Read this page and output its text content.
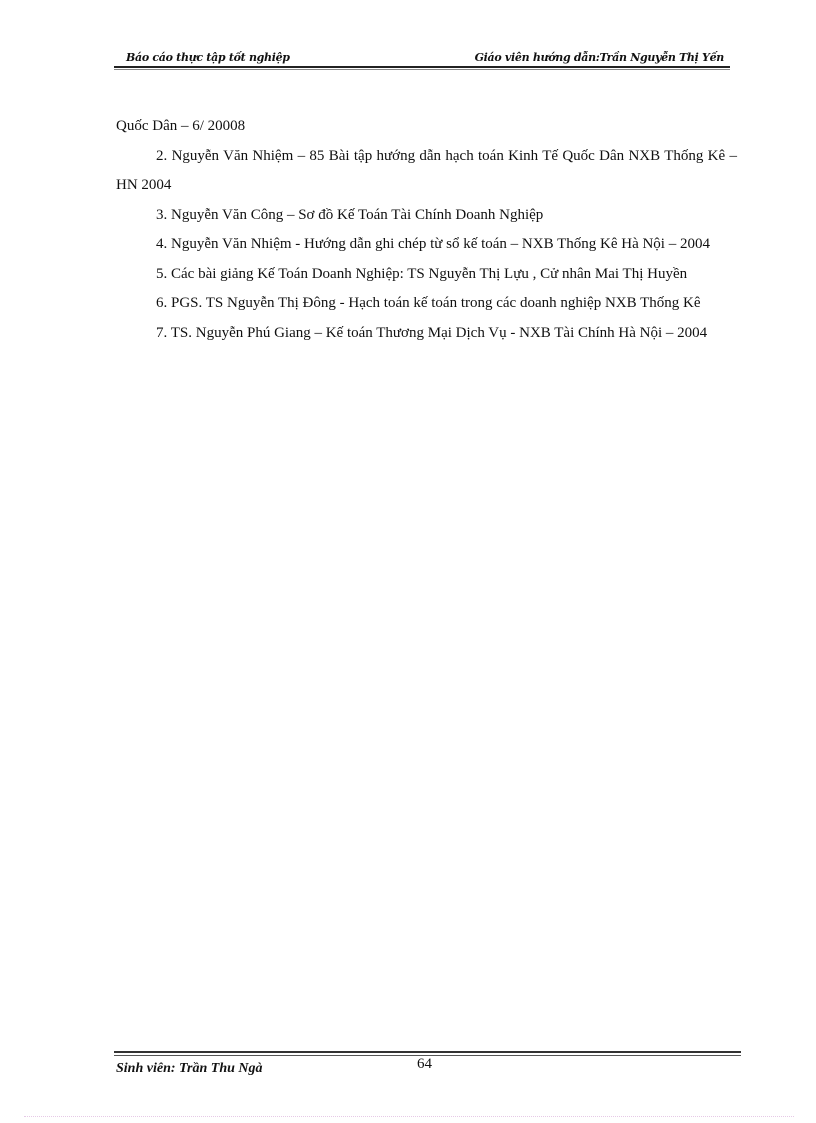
Báo cáo thực tập tốt nghiệp	Giáo viên hướng dẫn:Trần Nguyễn Thị Yến

Quốc Dân – 6/ 20008

2. Nguyễn Văn Nhiệm – 85 Bài tập hướng dẫn hạch toán Kinh Tế Quốc Dân NXB Thống Kê – HN 2004

3. Nguyễn Văn Công – Sơ đồ Kế Toán Tài Chính Doanh Nghiệp

4. Nguyễn Văn Nhiệm - Hướng dẫn ghi chép từ sổ kế toán – NXB Thống Kê Hà Nội – 2004

5. Các bài giảng Kế Toán Doanh Nghiệp: TS Nguyễn Thị Lựu , Cử nhân Mai Thị Huyền

6. PGS. TS Nguyễn Thị Đông - Hạch toán kế toán trong các doanh nghiệp NXB Thống Kê

7. TS. Nguyễn Phú Giang – Kế toán Thương Mại Dịch Vụ - NXB Tài Chính Hà Nội – 2004

Sinh viên: Trần Thu Ngà	64
